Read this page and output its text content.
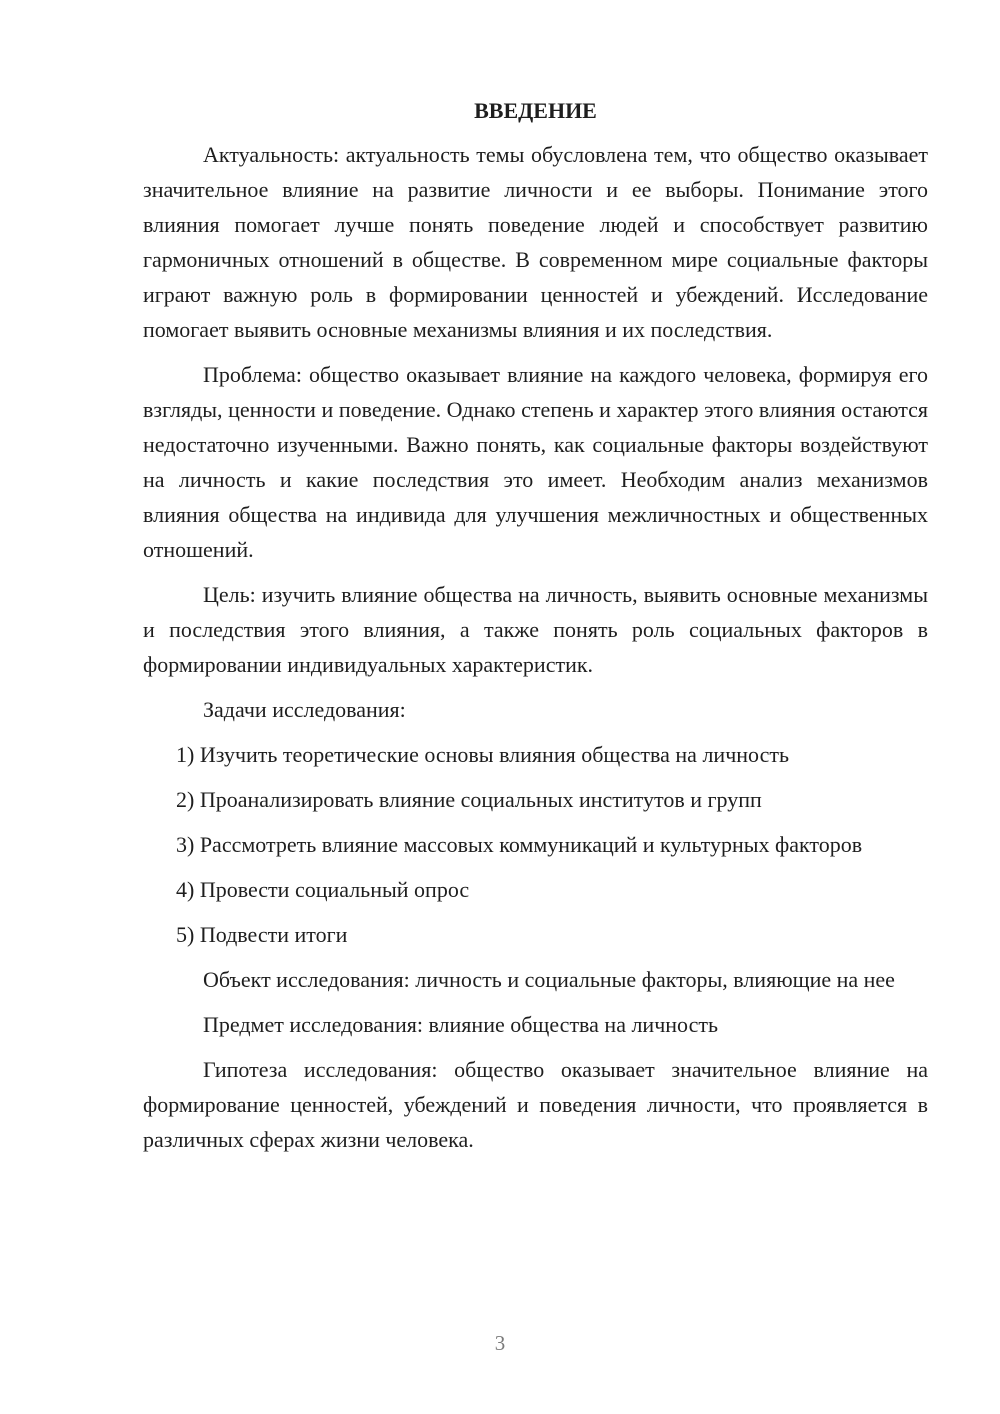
ВВЕДЕНИЕ

Актуальность: актуальность темы обусловлена тем, что общество оказывает значительное влияние на развитие личности и ее выборы. Понимание этого влияния помогает лучше понять поведение людей и способствует развитию гармоничных отношений в обществе. В современном мире социальные факторы играют важную роль в формировании ценностей и убеждений. Исследование помогает выявить основные механизмы влияния и их последствия.

Проблема: общество оказывает влияние на каждого человека, формируя его взгляды, ценности и поведение. Однако степень и характер этого влияния остаются недостаточно изученными. Важно понять, как социальные факторы воздействуют на личность и какие последствия это имеет. Необходим анализ механизмов влияния общества на индивида для улучшения межличностных и общественных отношений.

Цель: изучить влияние общества на личность, выявить основные механизмы и последствия этого влияния, а также понять роль социальных факторов в формировании индивидуальных характеристик.

Задачи исследования:

1) Изучить теоретические основы влияния общества на личность

2) Проанализировать влияние социальных институтов и групп

3) Рассмотреть влияние массовых коммуникаций и культурных факторов

4) Провести социальный опрос

5) Подвести итоги

Объект исследования: личность и социальные факторы, влияющие на нее

Предмет исследования: влияние общества на личность

Гипотеза исследования: общество оказывает значительное влияние на формирование ценностей, убеждений и поведения личности, что проявляется в различных сферах жизни человека.

3
